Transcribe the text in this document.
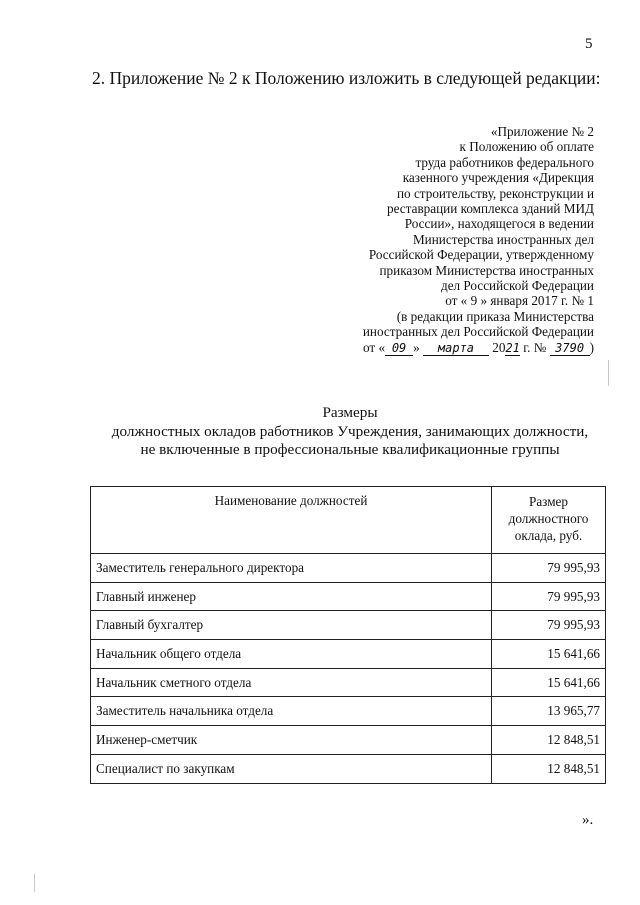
5
2. Приложение № 2 к Положению изложить в следующей редакции:
«Приложение № 2
к Положению об оплате
труда работников федерального
казенного учреждения «Дирекция
по строительству, реконструкции и
реставрации комплекса зданий МИД
России», находящегося в ведении
Министерства иностранных дел
Российской Федерации, утвержденному
приказом Министерства иностранных
дел Российской Федерации
от « 9 » января 2017 г. № 1
(в редакции приказа Министерства
иностранных дел Российской Федерации
от « 09 » марта 2021 г. № 3790 )
Размеры
должностных окладов работников Учреждения, занимающих должности,
не включенные в профессиональные квалификационные группы
Наименование должностей	Размер
должностного
оклада, руб.

Заместитель генерального директора	79 995,93
Главный инженер	79 995,93
Главный бухгалтер	79 995,93
Начальник общего отдела	15 641,66
Начальник сметного отдела	15 641,66
Заместитель начальника отдела	13 965,77
Инженер-сметчик	12 848,51
Специалист по закупкам	12 848,51
».
